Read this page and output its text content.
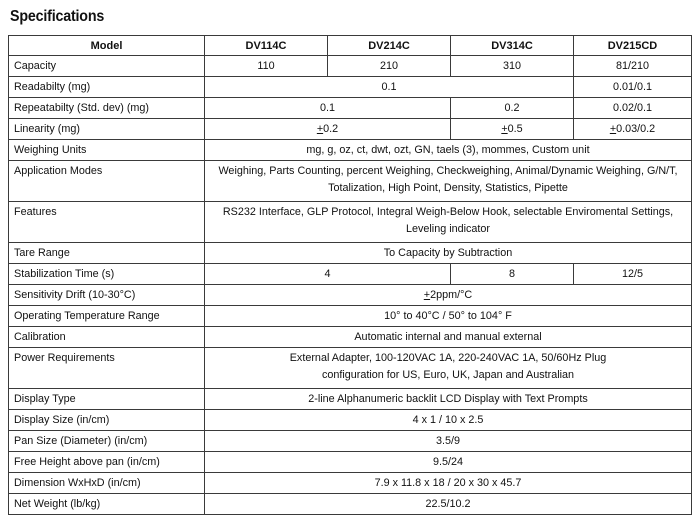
Specifications
Model	DV114C	DV214C	DV314C	DV215CD
Capacity	110	210	310	81/210
Readabilty (mg)	0.1			0.01/0.1
Repeatabilty (Std. dev) (mg)	0.1		0.2	0.02/0.1
Linearity (mg)	+0.2		+0.5	+0.03/0.2
Weighing Units	mg, g, oz, ct, dwt, ozt, GN, taels (3), mommes, Custom unit			
Application Modes	Weighing, Parts Counting, percent Weighing, Checkweighing, Animal/Dynamic Weighing, G/N/T,
Totalization, High Point, Density, Statistics, Pipette			

Features	RS232 Interface, GLP Protocol, Integral Weigh-Below Hook, selectable Enviromental Settings,
Leveling indicator			

Tare Range	To Capacity by Subtraction			
Stabilization Time (s)	4		8	12/5
Sensitivity Drift (10-30°C)	+2ppm/°C			
Operating Temperature Range	10° to 40°C / 50° to 104° F			
Calibration	Automatic internal and manual external			
Power Requirements	External Adapter, 100-120VAC 1A, 220-240VAC 1A, 50/60Hz Plug
configuration for US, Euro, UK, Japan and Australian			

Display Type	2-line Alphanumeric backlit LCD Display with Text Prompts			
Display Size (in/cm)	4 x 1 / 10 x 2.5			
Pan Size (Diameter) (in/cm)	3.5/9			
Free Height above pan (in/cm)	9.5/24			
Dimension WxHxD (in/cm)	7.9 x 11.8 x 18 / 20 x 30 x 45.7			
Net Weight (lb/kg)	22.5/10.2			
